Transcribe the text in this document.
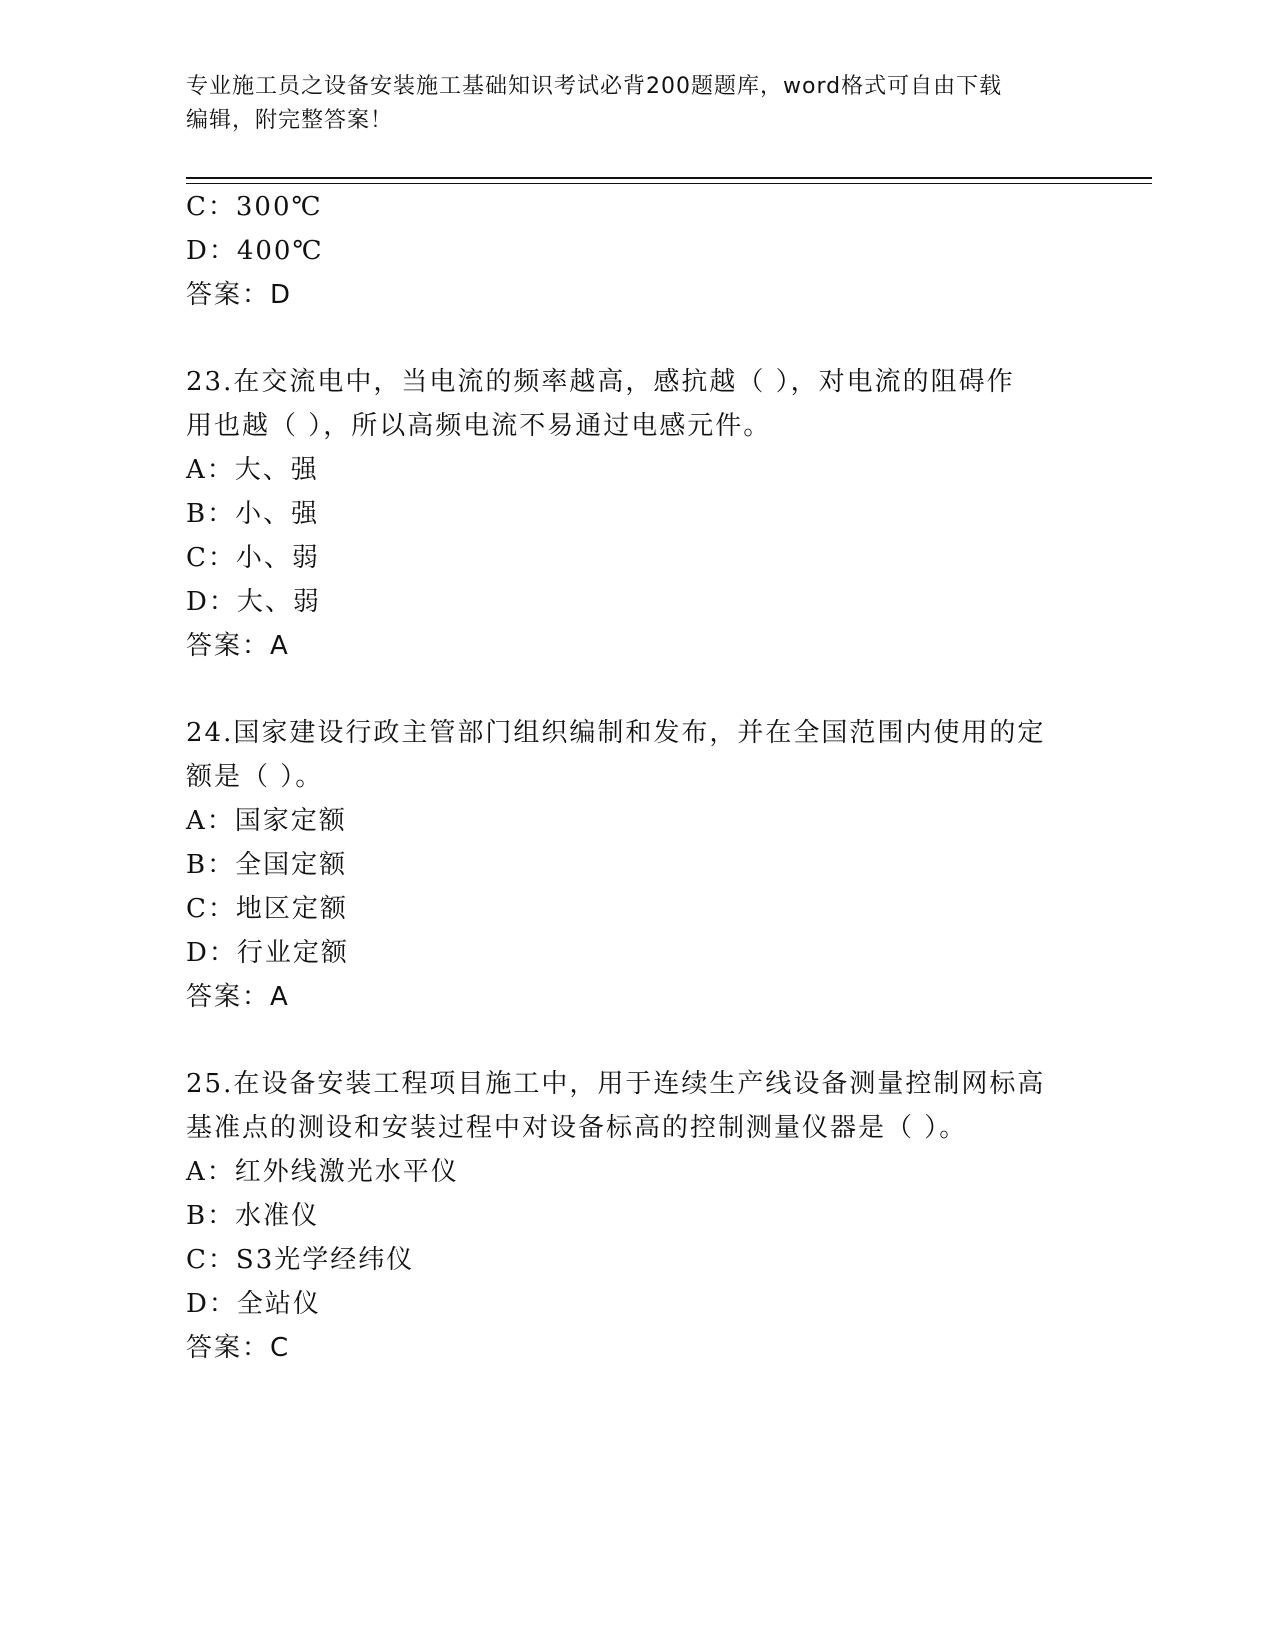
专业施工员之设备安装施工基础知识考试必背200题题库，word格式可自由下载
编辑，附完整答案！
C：300℃
D：400℃
答案：D
23.在交流电中，当电流的频率越高，感抗越（ ），对电流的阻碍作
用也越（ ），所以高频电流不易通过电感元件。
A：大、强
B：小、强
C：小、弱
D：大、弱
答案：A
24.国家建设行政主管部门组织编制和发布，并在全国范围内使用的定
额是（ ）。
A：国家定额
B：全国定额
C：地区定额
D：行业定额
答案：A
25.在设备安装工程项目施工中，用于连续生产线设备测量控制网标高
基准点的测设和安装过程中对设备标高的控制测量仪器是（ ）。
A：红外线激光水平仪
B：水准仪
C：S3光学经纬仪
D：全站仪
答案：C
